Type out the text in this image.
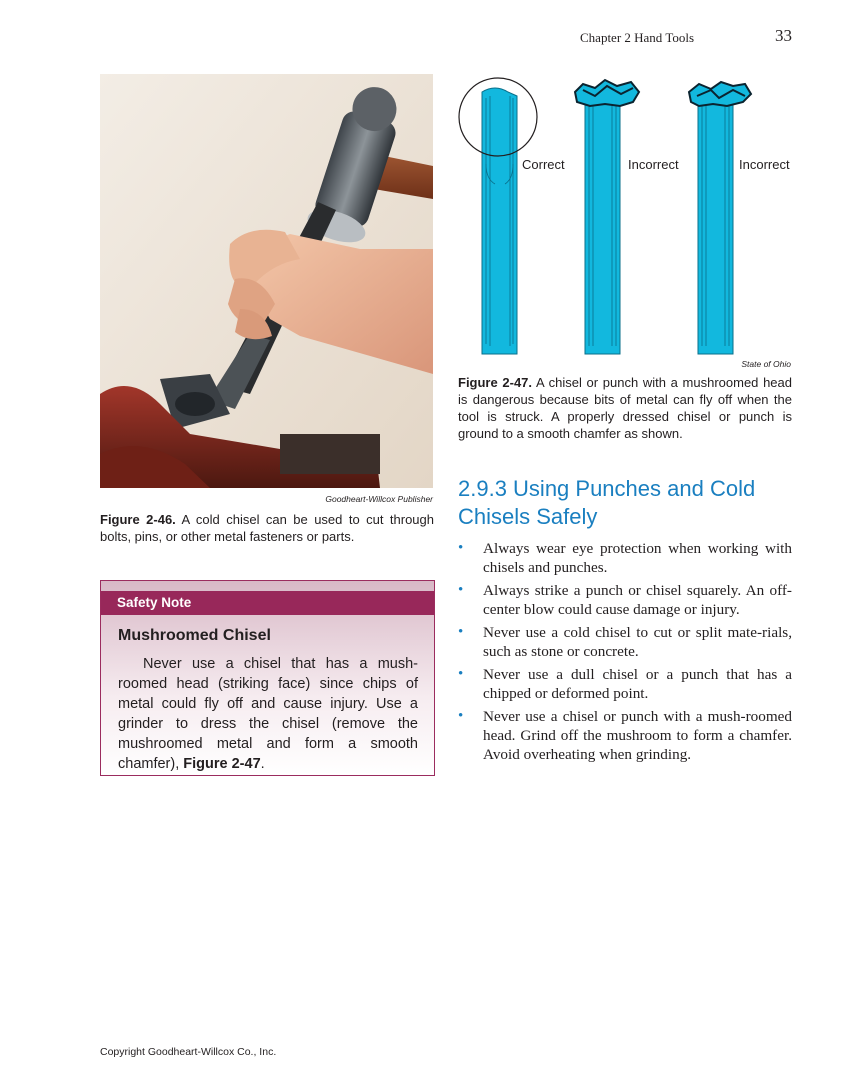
Chapter 2 Hand Tools	33
Goodheart-Willcox Publisher
Figure 2-46. A cold chisel can be used to cut through bolts, pins, or other metal fasteners or parts.
Safety Note
Mushroomed Chisel
Never use a chisel that has a mush-roomed head (striking face) since chips of metal could fly off and cause injury. Use a grinder to dress the chisel (remove the mushroomed metal and form a smooth chamfer), Figure 2-47.
Correct	Incorrect	Incorrect
State of Ohio
Figure 2-47. A chisel or punch with a mushroomed head is dangerous because bits of metal can fly off when the tool is struck. A properly dressed chisel or punch is ground to a smooth chamfer as shown.
2.9.3 Using Punches and Cold Chisels Safely
• Always wear eye protection when working with chisels and punches.
• Always strike a punch or chisel squarely. An off-center blow could cause damage or injury.
• Never use a cold chisel to cut or split mate-rials, such as stone or concrete.
• Never use a dull chisel or a punch that has a chipped or deformed point.
• Never use a chisel or punch with a mush-roomed head. Grind off the mushroom to form a chamfer. Avoid overheating when grinding.
Copyright Goodheart-Willcox Co., Inc.
